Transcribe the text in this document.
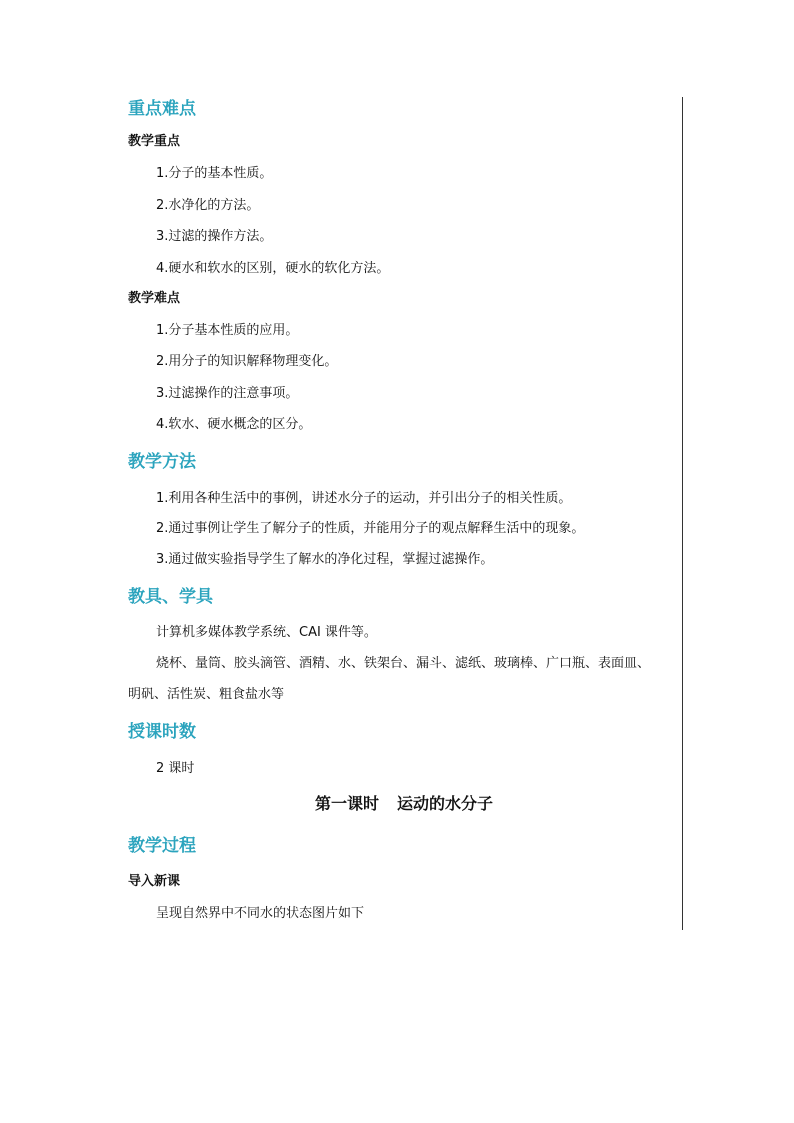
重点难点
教学重点
1.分子的基本性质。
2.水净化的方法。
3.过滤的操作方法。
4.硬水和软水的区别，硬水的软化方法。
教学难点
1.分子基本性质的应用。
2.用分子的知识解释物理变化。
3.过滤操作的注意事项。
4.软水、硬水概念的区分。
教学方法
1.利用各种生活中的事例，讲述水分子的运动，并引出分子的相关性质。
2.通过事例让学生了解分子的性质，并能用分子的观点解释生活中的现象。
3.通过做实验指导学生了解水的净化过程，掌握过滤操作。
教具、学具
计算机多媒体教学系统、CAI 课件等。
烧杯、量筒、胶头滴管、酒精、水、铁架台、漏斗、滤纸、玻璃棒、广口瓶、表面皿、
明矾、活性炭、粗食盐水等
授课时数
2 课时
第一课时 运动的水分子
教学过程
导入新课
呈现自然界中不同水的状态图片如下
